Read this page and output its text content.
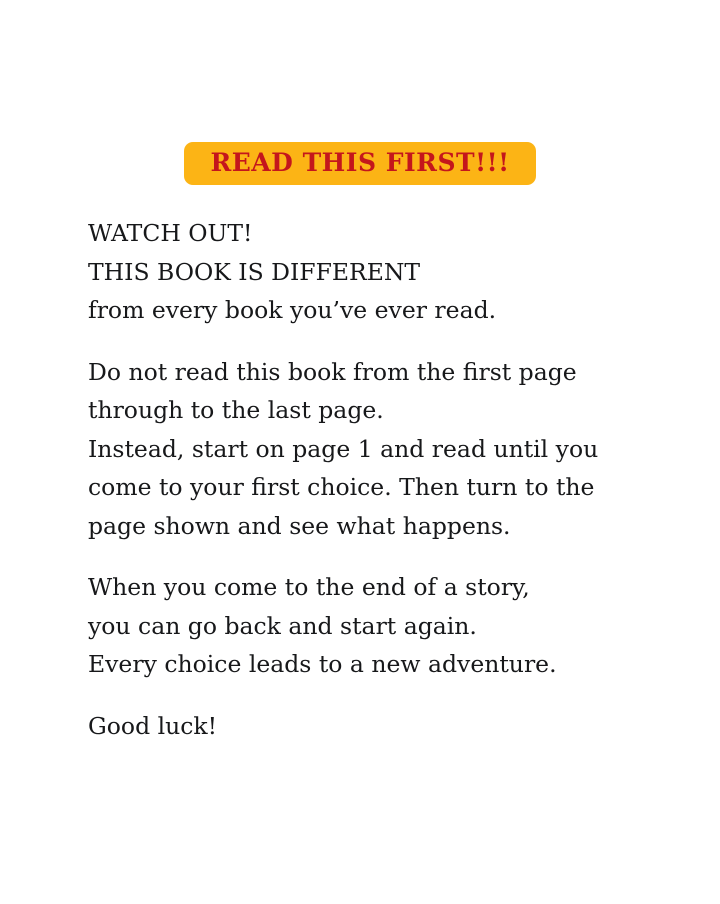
READ THIS FIRST!!!

WATCH OUT!
THIS BOOK IS DIFFERENT
from every book you’ve ever read.

Do not read this book from the first page
through to the last page.
Instead, start on page 1 and read until you
come to your first choice. Then turn to the
page shown and see what happens.

When you come to the end of a story,
you can go back and start again.
Every choice leads to a new adventure.

Good luck!
